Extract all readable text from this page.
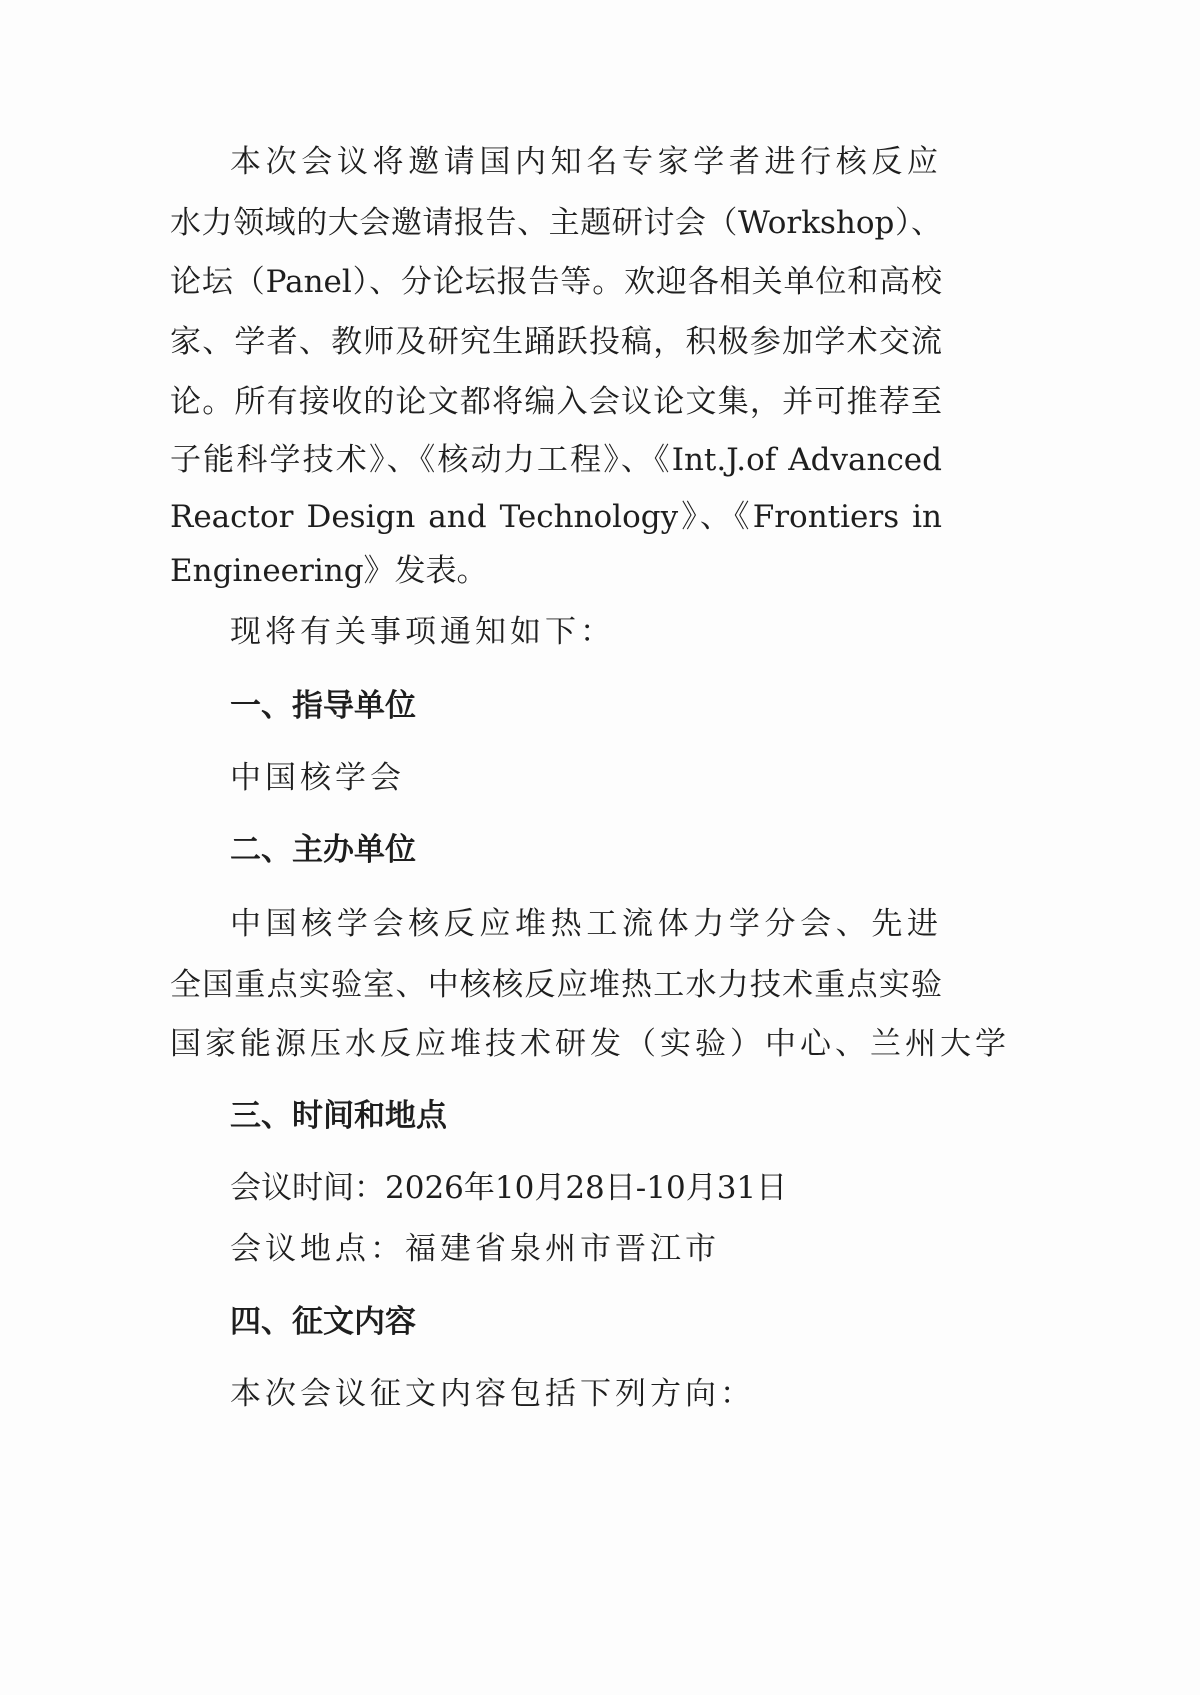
本次会议将邀请国内知名专家学者进行核反应
水力领域的大会邀请报告、主题研讨会（Workshop）、
论坛（Panel）、分论坛报告等。欢迎各相关单位和高校
家、学者、教师及研究生踊跃投稿，积极参加学术交流
论。所有接收的论文都将编入会议论文集，并可推荐至
子能科学技术》、《核动力工程》、《Int.J.of Advanced
Reactor Design and Technology》、《Frontiers in
Engineering》发表。
现将有关事项通知如下：
一、指导单位
中国核学会
二、主办单位
中国核学会核反应堆热工流体力学分会、先进
全国重点实验室、中核核反应堆热工水力技术重点实验
国家能源压水反应堆技术研发（实验）中心、兰州大学
三、时间和地点
会议时间：2026年10月28日-10月31日
会议地点：福建省泉州市晋江市
四、征文内容
本次会议征文内容包括下列方向：
